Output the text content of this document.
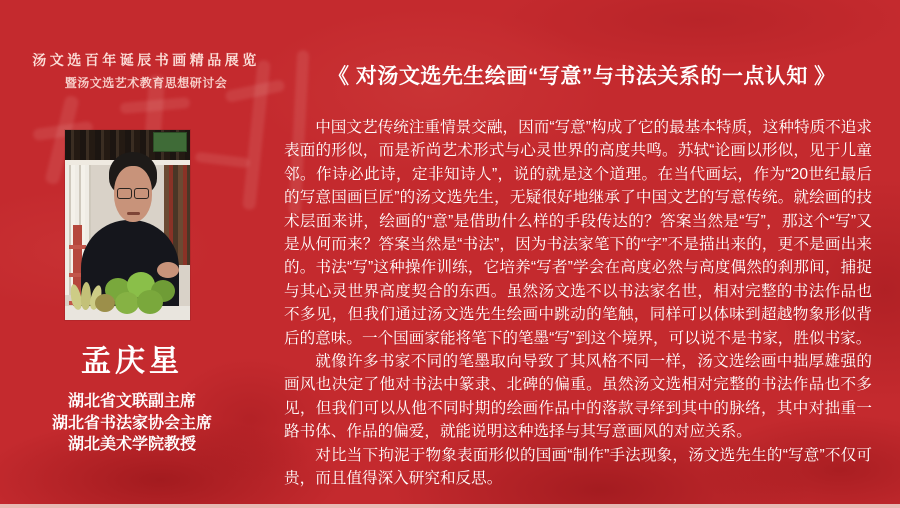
汤文选百年诞辰书画精品展览
暨汤文选艺术教育思想研讨会
孟庆星
湖北省文联副主席
湖北省书法家协会主席
湖北美术学院教授
《 对汤文选先生绘画“写意”与书法关系的一点认知 》

中国文艺传统注重情景交融，因而“写意”构成了它的最基本特质，这种特质不追求表面的形似，而是祈尚艺术形式与心灵世界的高度共鸣。苏轼“论画以形似，见于儿童邻。作诗必此诗，定非知诗人”，说的就是这个道理。在当代画坛，作为“20世纪最后的写意国画巨匠”的汤文选先生，无疑很好地继承了中国文艺的写意传统。就绘画的技术层面来讲，绘画的“意”是借助什么样的手段传达的？答案当然是“写”，那这个“写”又是从何而来？答案当然是“书法”，因为书法家笔下的“字”不是描出来的，更不是画出来的。书法“写”这种操作训练，它培养“写者”学会在高度必然与高度偶然的刹那间，捕捉与其心灵世界高度契合的东西。虽然汤文选不以书法家名世，相对完整的书法作品也不多见，但我们通过汤文选先生绘画中跳动的笔触，同样可以体味到超越物象形似背后的意味。一个国画家能将笔下的笔墨“写”到这个境界，可以说不是书家，胜似书家。

就像许多书家不同的笔墨取向导致了其风格不同一样，汤文选绘画中拙厚雄强的画风也决定了他对书法中篆隶、北碑的偏重。虽然汤文选相对完整的书法作品也不多见，但我们可以从他不同时期的绘画作品中的落款寻绎到其中的脉络，其中对拙重一路书体、作品的偏爱，就能说明这种选择与其写意画风的对应关系。

对比当下拘泥于物象表面形似的国画“制作”手法现象，汤文选先生的“写意”不仅可贵，而且值得深入研究和反思。
